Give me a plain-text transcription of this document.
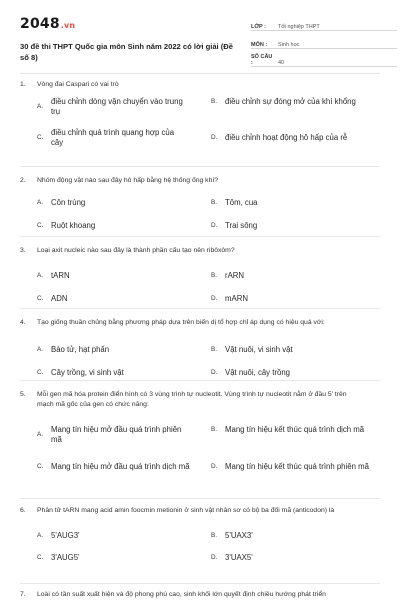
2048.vn
30 đề thi THPT Quốc gia môn Sinh năm 2022 có lời giải (Đề số 8)
LỚP :	Tốt nghiệp THPT
MÔN :	Sinh học
SỐ CÂU :	40
1.	Vòng đai Caspari có vai trò
A.
điều chỉnh dòng vận chuyển vào trung trụ
B.	điều chỉnh sự đóng mở của khí khổng
C.
điều chỉnh quá trình quang hợp của cây
D. điều chỉnh hoạt động hô hấp của rễ
2.	Nhóm động vật nào sau đây hô hấp bằng hệ thống ống khí?
A.	Côn trùng	B.	Tôm, cua
C. Ruột khoang	D. Trai sông
3.	Loại axit nucleic nào sau đây là thành phần cấu tạo nên ribôxôm?
A.	tARN	B.	rARN
C. ADN	D. mARN
4.	Tạo giống thuần chủng bằng phương pháp dựa trên biến dị tổ hợp chỉ áp dụng có hiệu quả với:
A.	Bào tử, hạt phấn	B.	Vật nuôi, vi sinh vật
C. Cây trồng, vi sinh vật	D. Vật nuôi, cây trồng
5.	Mỗi gen mã hóa protein điển hình có 3 vùng trình tự nucleotit. Vùng trình tự nucleotit nằm ở đầu 5' trên mạch mã gốc của gen có chức năng:
A.
Mang tín hiệu mở đầu quá trình phiên mã
B.	Mang tín hiệu kết thúc quá trình dịch mã
C. Mang tín hiệu mở đầu quá trình dịch mã	D. Mang tín hiệu kết thúc quá trình phiên mã
6.	Phân tử tARN mang acid amin foocmin metionin ở sinh vật nhân sơ có bộ ba đối mã (anticodon) là
A.	5'AUG3'	B.	5'UAX3'
C. 3'AUG5'	D. 3'UAX5'
7.	Loài có tần suất xuất hiện và độ phong phú cao, sinh khối lớn quyết định chiều hướng phát triển
